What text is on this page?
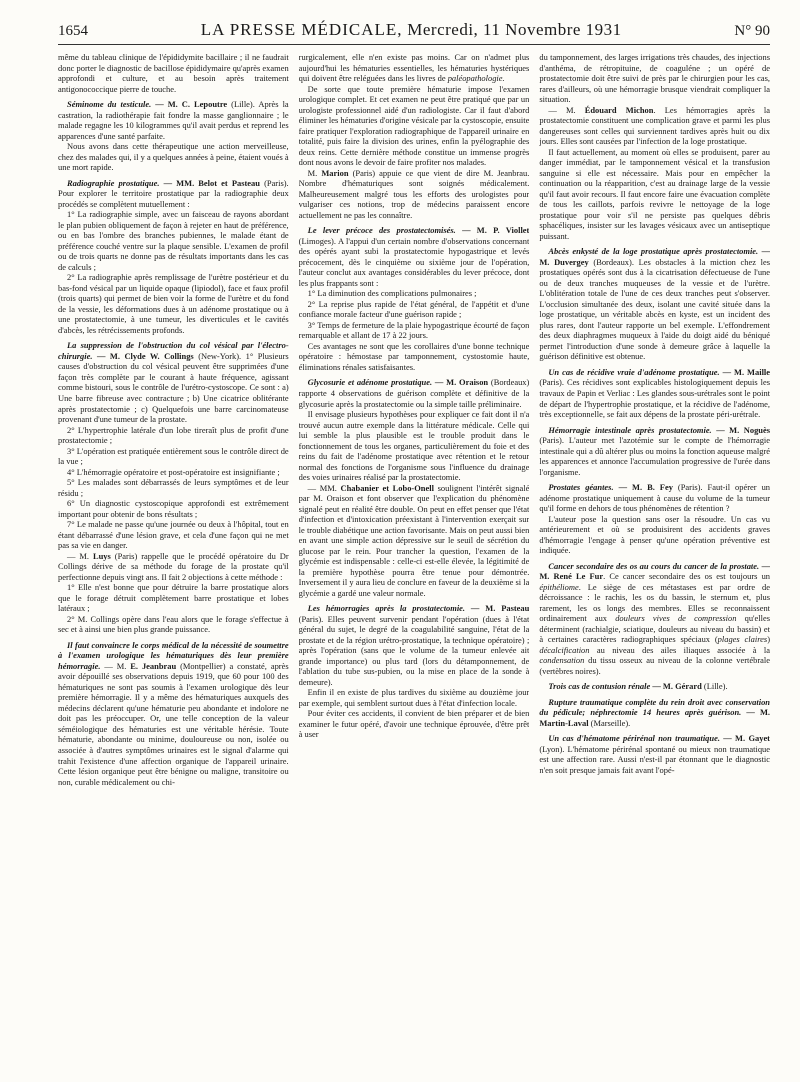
1654	LA PRESSE MÉDICALE, Mercredi, 11 Novembre 1931	N° 90

même du tableau clinique de l'épididymite bacillaire ; il ne faudrait donc porter le diagnostic de bacillose épididymaire qu'après examen approfondi et culture, et au besoin après traitement antigonococcique pierre de touche.

Séminome du testicule. — M. C. Lepoutre (Lille). Après la castration, la radiothérapie fait fondre la masse ganglionnaire ; le malade regagne les 10 kilogrammes qu'il avait perdus et reprend les apparences d'une santé parfaite.

Nous avons dans cette thérapeutique une action merveilleuse, chez des malades qui, il y a quelques années à peine, étaient voués à une mort rapide.

Radiographie prostatique. — MM. Belot et Pasteau (Paris). Pour explorer le territoire prostatique par la radiographie deux procédés se complètent mutuellement :

1° La radiographie simple, avec un faisceau de rayons abordant le plan pubien obliquement de façon à rejeter en haut de préférence, ou en bas l'ombre des branches pubiennes, le malade étant de préférence couché ventre sur la plaque sensible. L'examen de profil ou de trois quarts ne donne pas de résultats importants dans les cas de calculs ;

2° La radiographie après remplissage de l'urètre postérieur et du bas-fond vésical par un liquide opaque (lipiodol), face et faux profil (trois quarts) qui permet de bien voir la forme de l'urètre et du fond de la vessie, les déformations dues à un adénome prostatique ou à une prostatectomie, à une tumeur, les diverticules et le cavités d'abcès, les rétrécissements profonds.

La suppression de l'obstruction du col vésical par l'électro-chirurgie. — M. Clyde W. Collings (New-York). 1° Plusieurs causes d'obstruction du col vésical peuvent être supprimées d'une façon très complète par le courant à haute fréquence, agissant comme bistouri, sous le contrôle de l'urétro-cystoscope. Ce sont : a) Une barre fibreuse avec contracture ; b) Une cicatrice oblitérante après prostatectomie ; c) Quelquefois une barre carcinomateuse provenant d'une tumeur de la prostate.

2° L'hypertrophie latérale d'un lobe tireraît plus de profit d'une prostatectomie ;

3° L'opération est pratiquée entièrement sous le contrôle direct de la vue ;

4° L'hémorragie opératoire et post-opératoire est insignifiante ;

5° Les malades sont débarrassés de leurs symptômes et de leur résidu ;

6° Un diagnostic cystoscopique approfondi est extrêmement important pour obtenir de bons résultats ;

7° Le malade ne passe qu'une journée ou deux à l'hôpital, tout en étant débarrassé d'une lésion grave, et cela d'une façon qui ne met pas sa vie en danger.

— M. Luys (Paris) rappelle que le procédé opératoire du Dr Collings dérive de sa méthode du forage de la prostate qu'il perfectionne depuis vingt ans. Il fait 2 objections à cette méthode :

1° Elle n'est bonne que pour détruire la barre prostatique alors que le forage détruit complètement barre prostatique et lobes latéraux ;

2° M. Collings opère dans l'eau alors que le forage s'effectue à sec et à ainsi une bien plus grande puissance.

Il faut convaincre le corps médical de la nécessité de soumettre à l'examen urologique les hématuriques dès leur première hémorragie. — M. E. Jeanbrau (Montpellier) a constaté, après avoir dépouillé ses observations depuis 1919, que 60 pour 100 des hématuriques ne sont pas soumis à l'examen urologique dès leur première hémorragie. Il y a même des hématuriques auxquels des médecins déclarent qu'une hématurie peu abondante et indolore ne doit pas les préoccuper. Or, une telle conception de la valeur séméiologique des hématuries est une véritable hérésie. Toute hématurie, abondante ou minime, douloureuse ou non, isolée ou associée à d'autres symptômes urinaires est le signal d'alarme qui trahit l'existence d'une affection organique de l'appareil urinaire. Cette lésion organique peut être bénigne ou maligne, transitoire ou non, curable médicalement ou chi-

rurgicalement, elle n'en existe pas moins. Car on n'admet plus aujourd'hui les hématuries essentielles, les hématuries hystériques qui doivent être reléguées dans les livres de paléopathologie.

De sorte que toute première hématurie impose l'examen urologique complet. Et cet examen ne peut être pratiqué que par un urologiste professionnel aidé d'un radiologiste. Car il faut d'abord éliminer les hématuries d'origine vésicale par la cystoscopie, ensuite faire pratiquer l'exploration radiographique de l'appareil urinaire en totalité, puis faire la division des urines, enfin la pyélographie des deux reins. Cette dernière méthode constitue un immense progrès dont nous avons le devoir de faire profiter nos malades.

M. Marion (Paris) appuie ce que vient de dire M. Jeanbrau. Nombre d'hématuriques sont soignés médicalement. Malheureusement malgré tous les efforts des urologistes pour vulgariser ces notions, trop de médecins paraissent encore actuellement ne pas les connaître.

Le lever précoce des prostatectomisés. — M. P. Viollet (Limoges). A l'appui d'un certain nombre d'observations concernant des opérés ayant subi la prostatectomie hypogastrique et levés précocement, dès le cinquième ou sixième jour de l'opération, l'auteur conclut aux avantages considérables du lever précoce, dont les plus frappants sont :

1° La diminution des complications pulmonaires ;

2° La reprise plus rapide de l'état général, de l'appétit et d'une confiance morale facteur d'une guérison rapide ;

3° Temps de fermeture de la plaie hypogastrique écourté de façon remarquable et allant de 17 à 22 jours.

Ces avantages ne sont que les corollaires d'une bonne technique opératoire : hémostase par tamponnement, cystostomie haute, éliminations rénales satisfaisantes.

Glycosurie et adénome prostatique. — M. Oraison (Bordeaux) rapporte 4 observations de guérison complète et définitive de la glycosurie après la prostatectomie ou la simple taille préliminaire.

Il envisage plusieurs hypothèses pour expliquer ce fait dont il n'a trouvé aucun autre exemple dans la littérature médicale. Celle qui lui semble la plus plausible est le trouble produit dans le fonctionnement de tous les organes, particulièrement du foie et des reins du fait de l'adénome prostatique avec rétention et le retour normal des fonctions de l'organisme sous l'influence du drainage des voies urinaires réalisé par la prostatectomie.

— MM. Chabanier et Lobo-Onell soulignent l'intérêt signalé par M. Oraison et font observer que l'explication du phénomène signalé peut en réalité être double. On peut en effet penser que l'état d'infection et d'intoxication préexistant à l'intervention exerçait sur le trouble diabétique une action favorisante. Mais on peut aussi bien en avant une simple action dépressive sur le seuil de sécrétion du glucose par le rein. Pour trancher la question, l'examen de la glycémie est indispensable : celle-ci est-elle élevée, la légitimité de la première hypothèse pourra être tenue pour démontrée. Inversement il y aura lieu de conclure en faveur de la deuxième si la glycémie a gardé une valeur normale.

Les hémorragies après la prostatectomie. — M. Pasteau (Paris). Elles peuvent survenir pendant l'opération (dues à l'état général du sujet, le degré de la coagulabilité sanguine, l'état de la prostate et de la région urétro-prostatique, la technique opératoire) ; après l'opération (sans que le volume de la tumeur enlevée ait grande importance) ou plus tard (lors du détamponnement, de l'ablation du tube sus-pubien, ou la mise en place de la sonde à demeure).

Enfin il en existe de plus tardives du sixième au douzième jour par exemple, qui semblent surtout dues à l'état d'infection locale.

Pour éviter ces accidents, il convient de bien préparer et de bien examiner le futur opéré, d'avoir une technique éprouvée, d'être prêt à user

du tamponnement, des larges irrigations très chaudes, des injections d'anthéma, de rétropituine, de coaguléne ; un opéré de prostatectomie doit être suivi de près par le chirurgien pour les cas, rares d'ailleurs, où une hémorragie brusque viendrait compliquer la situation.

— M. Édouard Michon. Les hémorragies après la prostatectomie constituent une complication grave et parmi les plus dangereuses sont celles qui surviennent tardives après huit ou dix jours. Elles sont causées par l'infection de la loge prostatique.

Il faut actuellement, au moment où elles se produisent, parer au danger immédiat, par le tamponnement vésical et la transfusion sanguine si elle est nécessaire. Mais pour en empêcher la continuation ou la réapparition, c'est au drainage large de la vessie qu'il faut avoir recours. Il faut encore faire une évacuation complète de tous les caillots, parfois revivre le nettoyage de la loge prostatique pour voir s'il ne persiste pas quelques débris sphacéliques, insister sur les lavages vésicaux avec un antiseptique puissant.

Abcès enkysté de la loge prostatique après prostatectomie. — M. Duvergey (Bordeaux). Les obstacles à la miction chez les prostatiques opérés sont dus à la cicatrisation défectueuse de l'une ou de deux tranches muqueuses de la vessie et de l'urètre. L'oblitération totale de l'une de ces deux tranches peut s'observer. L'occlusion simultanée des deux, isolant une cavité située dans la loge prostatique, un véritable abcès en kyste, est un incident des plus rares, dont l'auteur rapporte un bel exemple. L'effondrement des deux diaphragmes muqueux à l'aide du doigt aidé du béniqué permet l'introduction d'une sonde à demeure grâce à laquelle la guérison définitive est obtenue.

Un cas de récidive vraie d'adénome prostatique. — M. Maille (Paris). Ces récidives sont explicables histologiquement depuis les travaux de Papin et Verliac : Les glandes sous-urétrales sont le point de départ de l'hypertrophie prostatique, et la récidive de l'adénome, très exceptionnelle, se fait aux dépens de la prostate péri-urétrale.

Hémorragie intestinale après prostatectomie. — M. Noguès (Paris). L'auteur met l'azotémie sur le compte de l'hémorragie intestinale qui a dû altérer plus ou moins la fonction aqueuse malgré les apparences et annonce l'accumulation progressive de l'urée dans l'organisme.

Prostates géantes. — M. B. Fey (Paris). Faut-il opérer un adénome prostatique uniquement à cause du volume de la tumeur qu'il forme en dehors de tous phénomènes de rétention ?

L'auteur pose la question sans oser la résoudre. Un cas vu antérieurement et où se produisirent des accidents graves d'hémorragie l'engage à penser qu'une opération préventive est indiquée.

Cancer secondaire des os au cours du cancer de la prostate. — M. René Le Fur. Ce cancer secondaire des os est toujours un épithéliome. Le siège de ces métastases est par ordre de décroissance : le rachis, les os du bassin, le sternum et, plus rarement, les os longs des membres. Elles se reconnaissent ordinairement aux douleurs vives de compression qu'elles déterminent (rachialgie, sciatique, douleurs au niveau du bassin) et à certaines caractères radiographiques spéciaux (plages claires) décalcification au niveau des ailes iliaques associée à la condensation du tissu osseux au niveau de la colonne vertébrale (vertèbres noires).

Trois cas de contusion rénale — M. Gérard (Lille).

Rupture traumatique complète du rein droit avec conservation du pédicule; néphrectomie 14 heures après guérison. — M. Martin-Laval (Marseille).

Un cas d'hématome périrénal non traumatique. — M. Gayet (Lyon). L'hématome périrénal spontané ou mieux non traumatique est une affection rare. Aussi n'est-il par étonnant que le diagnostic n'en soit presque jamais fait avant l'opé-
